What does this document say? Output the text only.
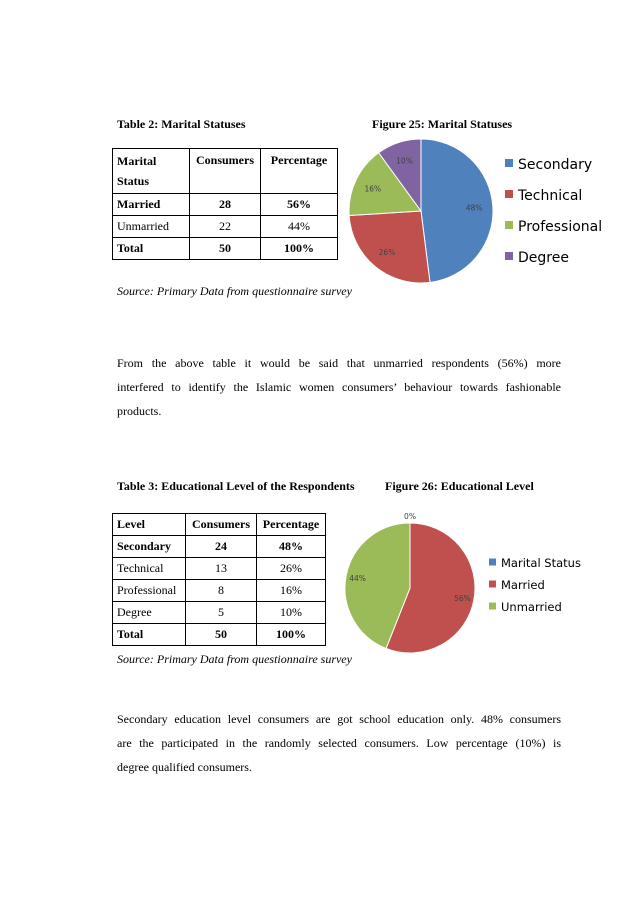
Table 2: Marital Statuses	Figure 25: Marital Statuses
Marital
Status	Consumers	Percentage
Married	28	56%
Unmarried	22	44%
Total	50	100%
Source: Primary Data from questionnaire survey
48%
26%
16%
10%	Secondary
Technical
Professional
Degree
From the above table it would be said that unmarried respondents (56%) more
interfered to identify the Islamic women consumers’ behaviour towards fashionable
products.
Table 3: Educational Level of the Respondents	Figure 26: Educational Level
Level	Consumers	Percentage
Secondary	24	48%
Technical	13	26%
Professional	8	16%
Degree	5	10%
Total	50	100%
Source: Primary Data from questionnaire survey
0%
56%
44%
Marital Status
Married
Unmarried
Secondary education level consumers are got school education only. 48% consumers
are the participated in the randomly selected consumers. Low percentage (10%) is
degree qualified consumers.
